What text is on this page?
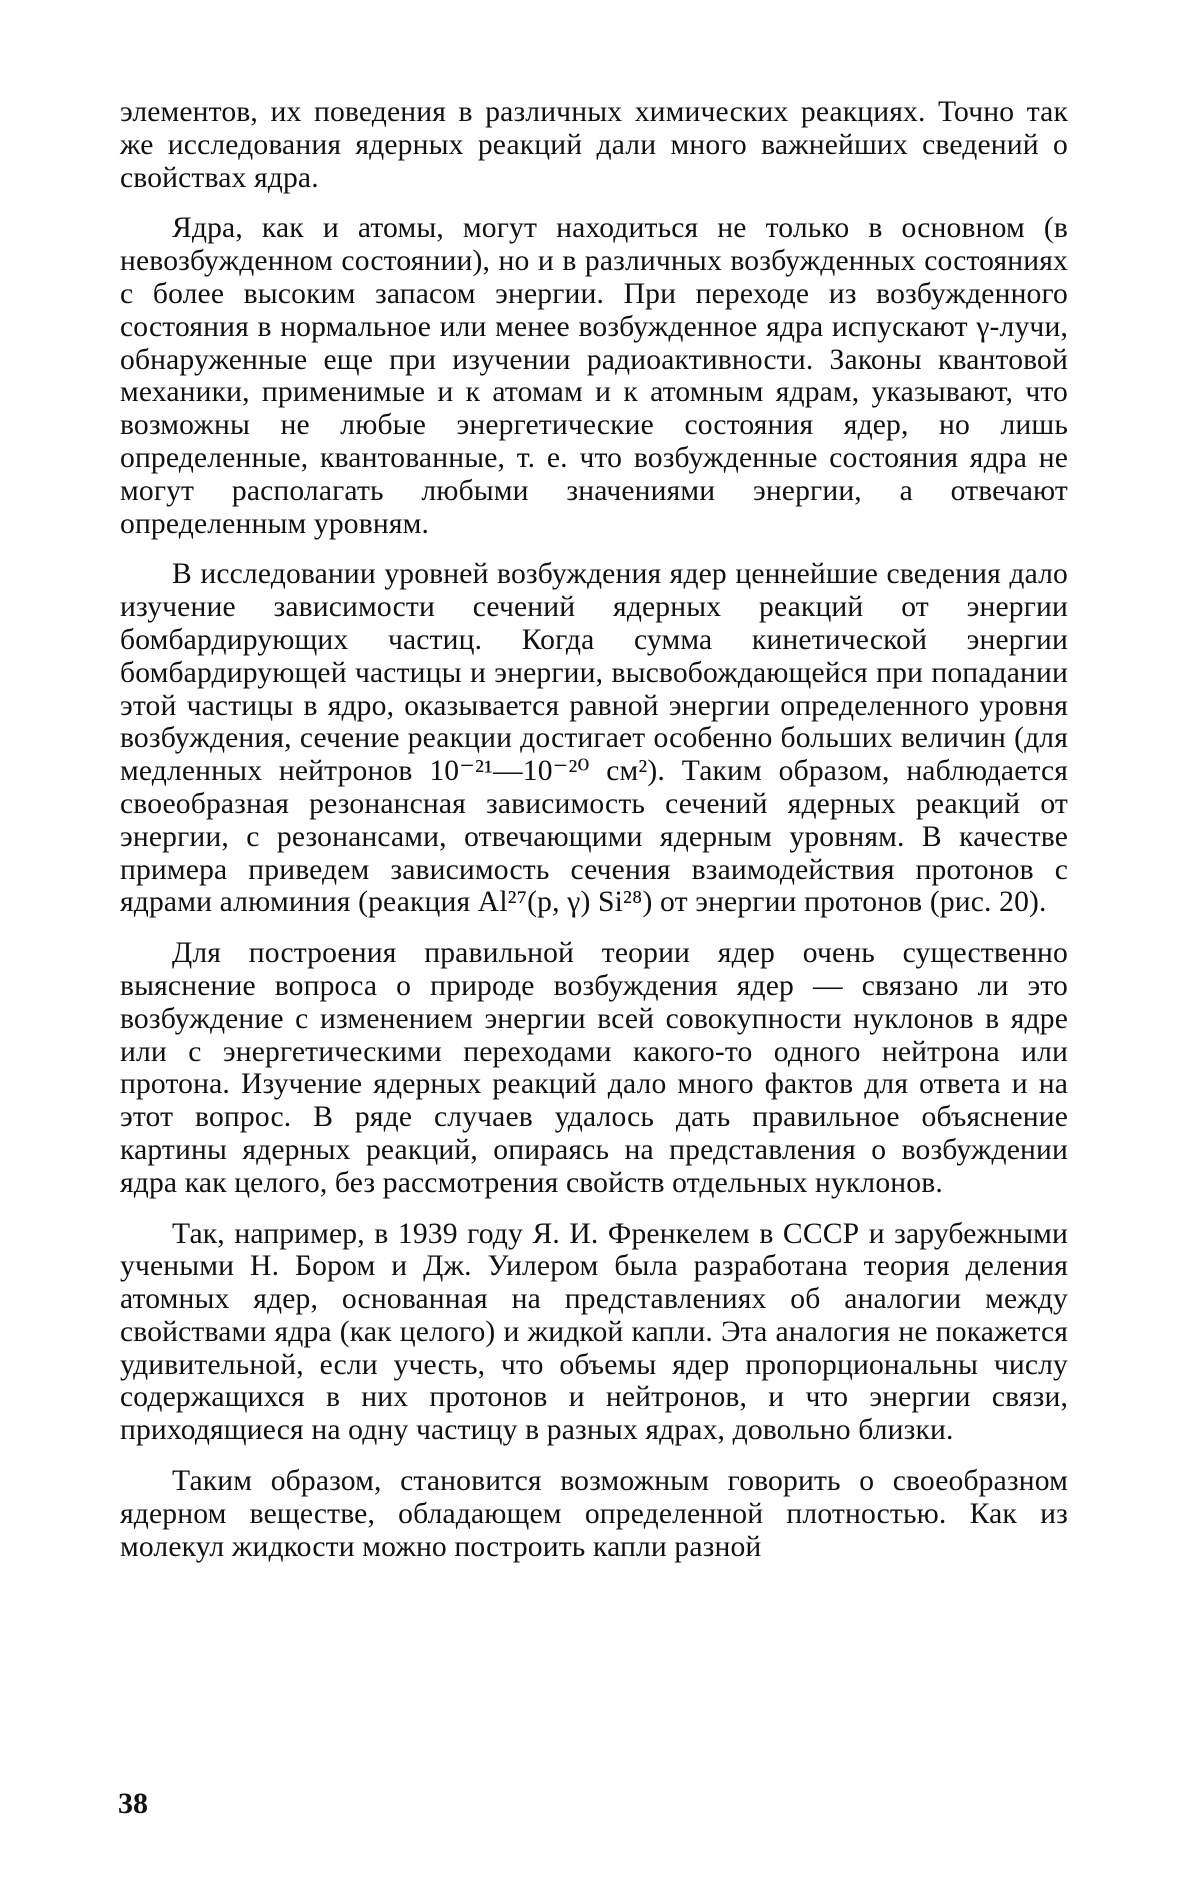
элементов, их поведения в различных химических реакциях. Точно так же исследования ядерных реакций дали много важнейших сведений о свойствах ядра.

Ядра, как и атомы, могут находиться не только в основном (в невозбужденном состоянии), но и в различных возбужденных состояниях с более высоким запасом энергии. При переходе из возбужденного состояния в нормальное или менее возбужденное ядра испускают γ-лучи, обнаруженные еще при изучении радиоактивности. Законы квантовой механики, применимые и к атомам и к атомным ядрам, указывают, что возможны не любые энергетические состояния ядер, но лишь определенные, квантованные, т. е. что возбужденные состояния ядра не могут располагать любыми значениями энергии, а отвечают определенным уровням.

В исследовании уровней возбуждения ядер ценнейшие сведения дало изучение зависимости сечений ядерных реакций от энергии бомбардирующих частиц. Когда сумма кинетической энергии бомбардирующей частицы и энергии, высвобождающейся при попадании этой частицы в ядро, оказывается равной энергии определенного уровня возбуждения, сечение реакции достигает особенно больших величин (для медленных нейтронов 10⁻²¹—10⁻²⁰ см²). Таким образом, наблюдается своеобразная резонансная зависимость сечений ядерных реакций от энергии, с резонансами, отвечающими ядерным уровням. В качестве примера приведем зависимость сечения взаимодействия протонов с ядрами алюминия (реакция Al²⁷(p, γ) Si²⁸) от энергии протонов (рис. 20).

Для построения правильной теории ядер очень существенно выяснение вопроса о природе возбуждения ядер — связано ли это возбуждение с изменением энергии всей совокупности нуклонов в ядре или с энергетическими переходами какого-то одного нейтрона или протона. Изучение ядерных реакций дало много фактов для ответа и на этот вопрос. В ряде случаев удалось дать правильное объяснение картины ядерных реакций, опираясь на представления о возбуждении ядра как целого, без рассмотрения свойств отдельных нуклонов.

Так, например, в 1939 году Я. И. Френкелем в СССР и зарубежными учеными Н. Бором и Дж. Уилером была разработана теория деления атомных ядер, основанная на представлениях об аналогии между свойствами ядра (как целого) и жидкой капли. Эта аналогия не покажется удивительной, если учесть, что объемы ядер пропорциональны числу содержащихся в них протонов и нейтронов, и что энергии связи, приходящиеся на одну частицу в разных ядрах, довольно близки.

Таким образом, становится возможным говорить о своеобразном ядерном веществе, обладающем определенной плотностью. Как из молекул жидкости можно построить капли разной

38
